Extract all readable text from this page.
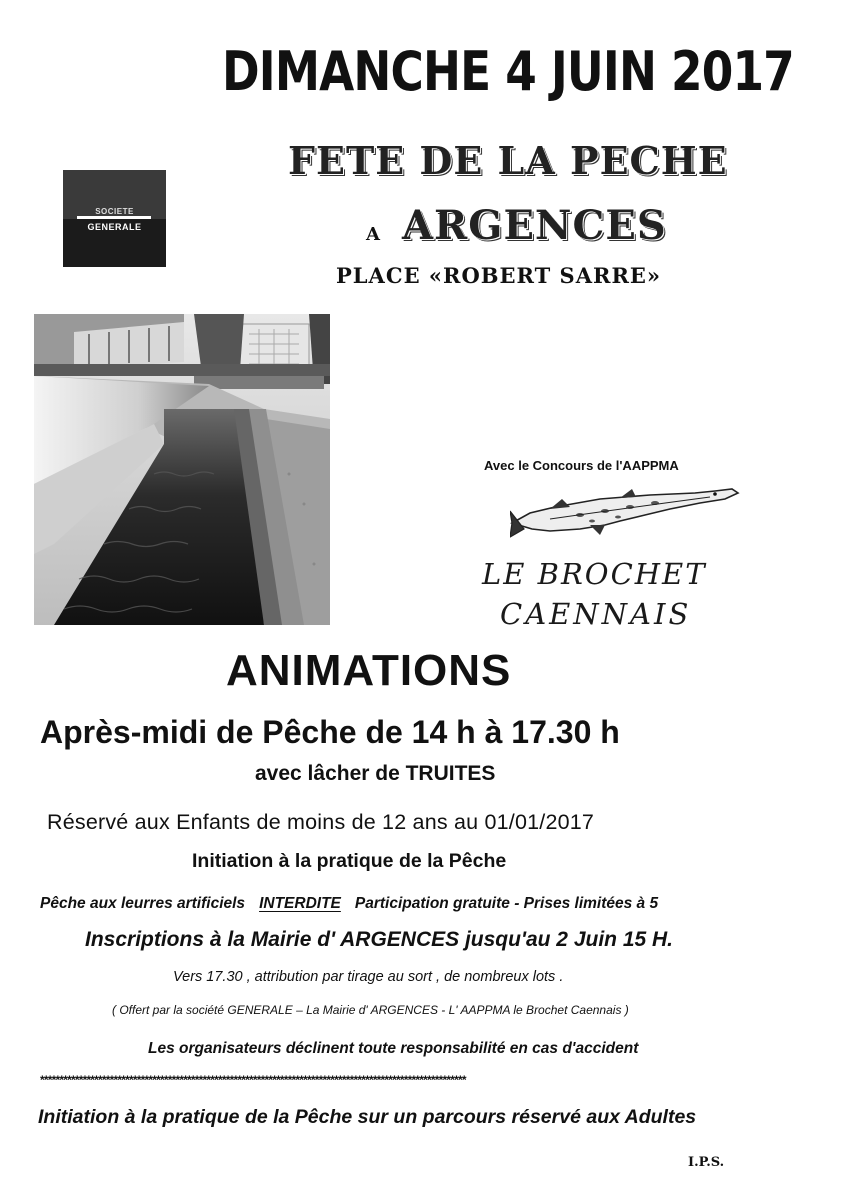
DIMANCHE 4 JUIN 2017
FETE DE LA PECHE
A ARGENCES
PLACE «ROBERT SARRE»
SOCIETE
GENERALE
Avec le Concours de l'AAPPMA
LE BROCHET
CAENNAIS
ANIMATIONS
Après-midi de Pêche de 14 h à 17.30 h
avec lâcher de TRUITES
Réservé aux Enfants de moins de 12 ans au 01/01/2017
Initiation à la pratique de la Pêche
Pêche aux leurres artificiels INTERDITE Participation gratuite - Prises limitées à 5
Inscriptions à la Mairie d' ARGENCES jusqu'au 2 Juin 15 H.
Vers 17.30 , attribution par tirage au sort , de nombreux lots .
( Offert par la société GENERALE – La Mairie d' ARGENCES - L' AAPPMA le Brochet Caennais )
Les organisateurs déclinent toute responsabilité en cas d'accident
**************************************************************************************************************
Initiation à la pratique de la Pêche sur un parcours réservé aux Adultes
I.P.S.
